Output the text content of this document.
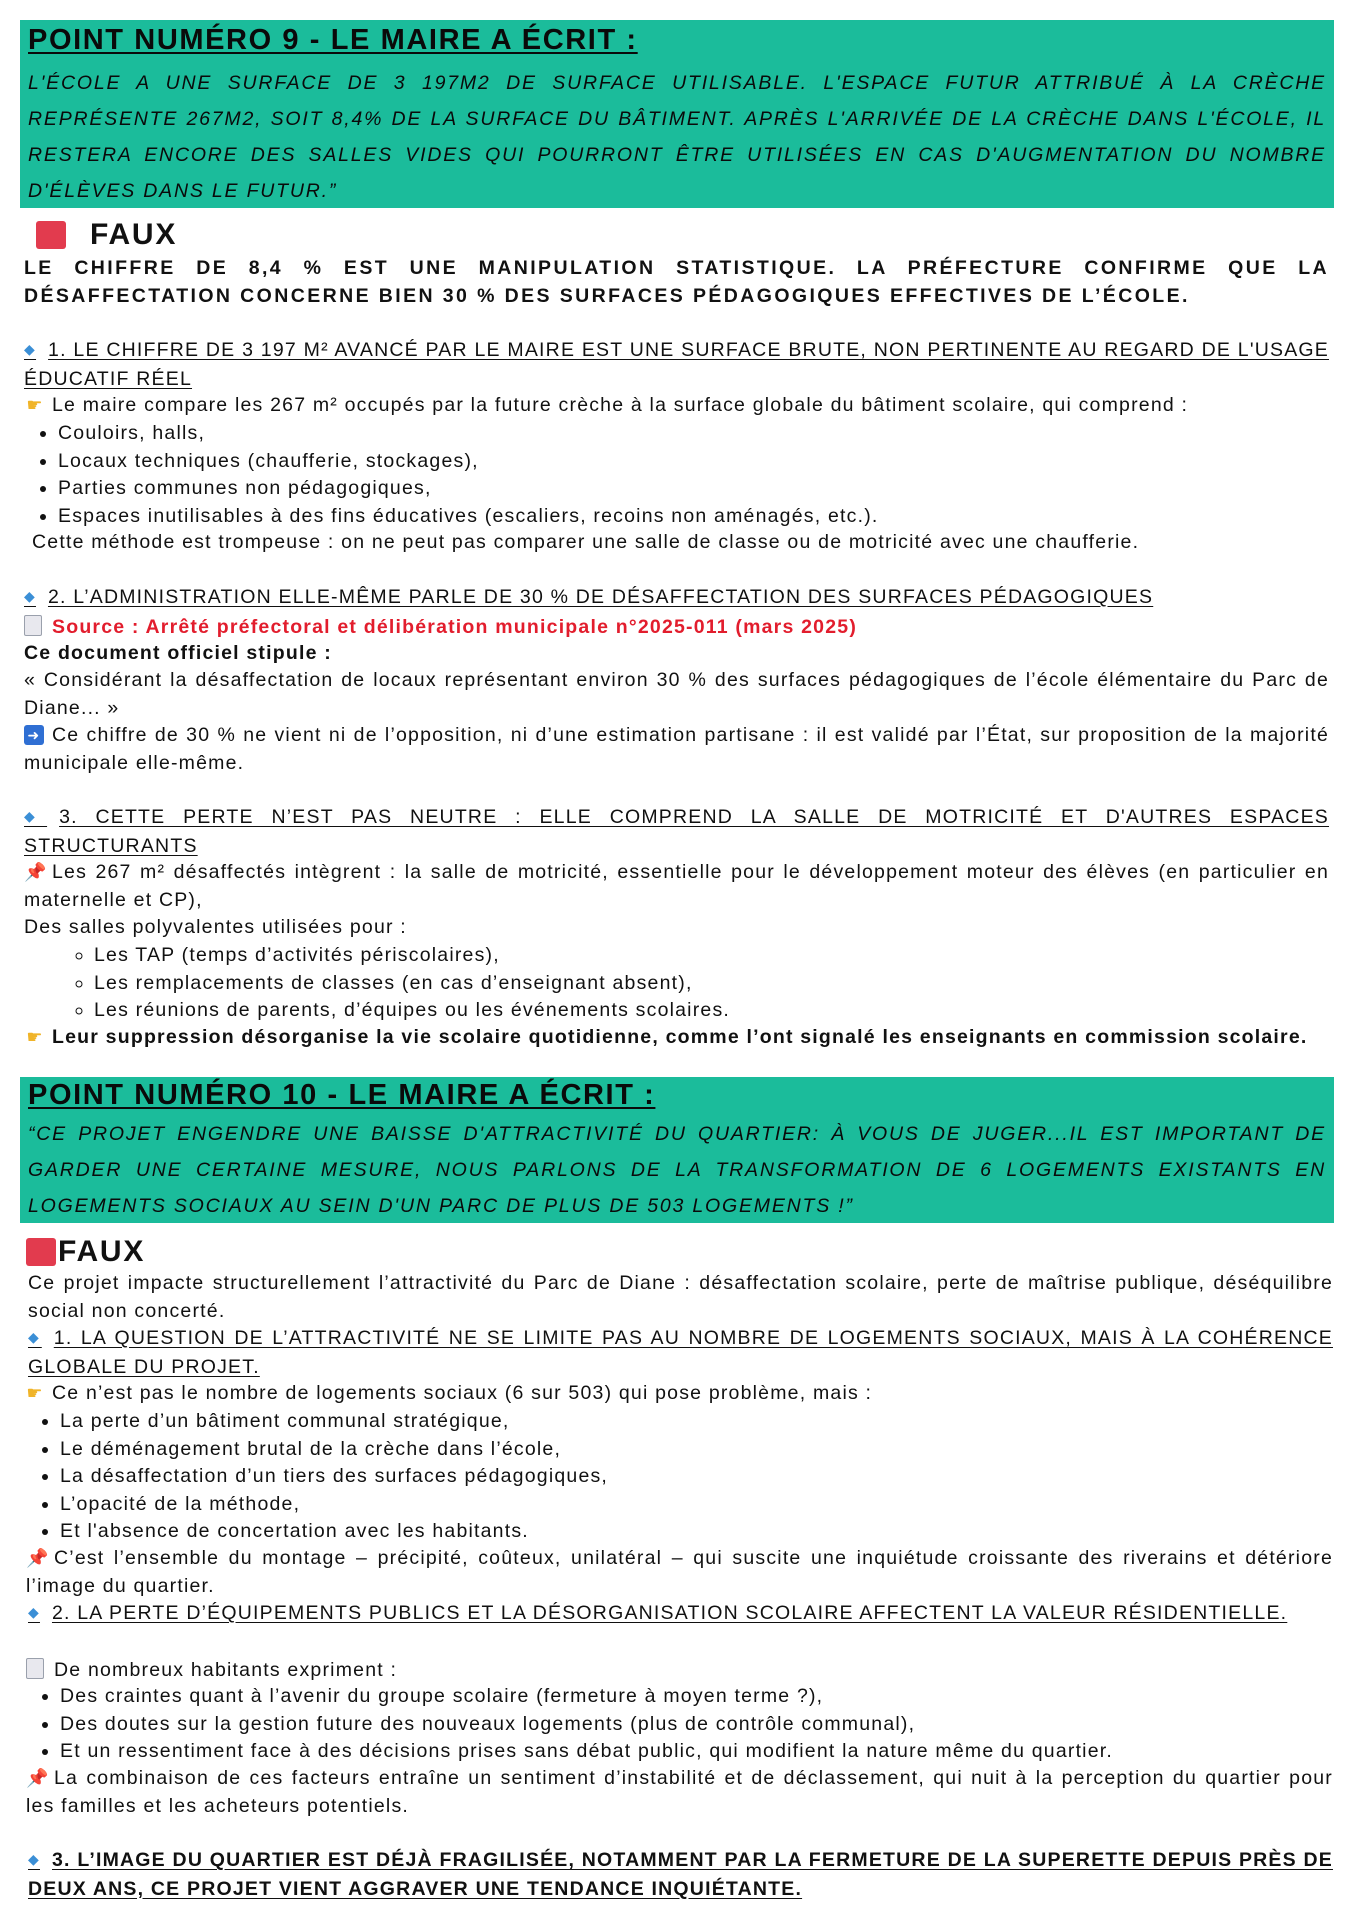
POINT NUMÉRO 9 - LE MAIRE A ÉCRIT :
L'ÉCOLE A UNE SURFACE DE 3 197M2 DE SURFACE UTILISABLE. L'ESPACE FUTUR ATTRIBUÉ À LA CRÈCHE REPRÉSENTE 267M2, SOIT 8,4% DE LA SURFACE DU BÂTIMENT. APRÈS L'ARRIVÉE DE LA CRÈCHE DANS L'ÉCOLE, IL RESTERA ENCORE DES SALLES VIDES QUI POURRONT ÊTRE UTILISÉES EN CAS D'AUGMENTATION DU NOMBRE D'ÉLÈVES DANS LE FUTUR.”
FAUX
LE CHIFFRE DE 8,4 % EST UNE MANIPULATION STATISTIQUE. LA PRÉFECTURE CONFIRME QUE LA DÉSAFFECTATION CONCERNE BIEN 30 % DES SURFACES PÉDAGOGIQUES EFFECTIVES DE L’ÉCOLE.
◆ 1. LE CHIFFRE DE 3 197 M² AVANCÉ PAR LE MAIRE EST UNE SURFACE BRUTE, NON PERTINENTE AU REGARD DE L'USAGE ÉDUCATIF RÉEL
☛ Le maire compare les 267 m² occupés par la future crèche à la surface globale du bâtiment scolaire, qui comprend :
• Couloirs, halls,
• Locaux techniques (chaufferie, stockages),
• Parties communes non pédagogiques,
• Espaces inutilisables à des fins éducatives (escaliers, recoins non aménagés, etc.).
Cette méthode est trompeuse : on ne peut pas comparer une salle de classe ou de motricité avec une chaufferie.
◆ 2. L’ADMINISTRATION ELLE-MÊME PARLE DE 30 % DE DÉSAFFECTATION DES SURFACES PÉDAGOGIQUES
Source : Arrêté préfectoral et délibération municipale n°2025-011 (mars 2025)
Ce document officiel stipule :
« Considérant la désaffectation de locaux représentant environ 30 % des surfaces pédagogiques de l’école élémentaire du Parc de Diane... »
➜ Ce chiffre de 30 % ne vient ni de l’opposition, ni d’une estimation partisane : il est validé par l’État, sur proposition de la majorité municipale elle-même.
◆ 3. CETTE PERTE N’EST PAS NEUTRE : ELLE COMPREND LA SALLE DE MOTRICITÉ ET D'AUTRES ESPACES STRUCTURANTS
📌 Les 267 m² désaffectés intègrent : la salle de motricité, essentielle pour le développement moteur des élèves (en particulier en maternelle et CP),
Des salles polyvalentes utilisées pour :
◦ Les TAP (temps d’activités périscolaires),
◦ Les remplacements de classes (en cas d’enseignant absent),
◦ Les réunions de parents, d’équipes ou les événements scolaires.
☛ Leur suppression désorganise la vie scolaire quotidienne, comme l’ont signalé les enseignants en commission scolaire.
POINT NUMÉRO 10 - LE MAIRE A ÉCRIT :
“CE PROJET ENGENDRE UNE BAISSE D'ATTRACTIVITÉ DU QUARTIER: À VOUS DE JUGER...IL EST IMPORTANT DE GARDER UNE CERTAINE MESURE, NOUS PARLONS DE LA TRANSFORMATION DE 6 LOGEMENTS EXISTANTS EN LOGEMENTS SOCIAUX AU SEIN D'UN PARC DE PLUS DE 503 LOGEMENTS !”
FAUX
Ce projet impacte structurellement l’attractivité du Parc de Diane : désaffectation scolaire, perte de maîtrise publique, déséquilibre social non concerté.
◆ 1. LA QUESTION DE L’ATTRACTIVITÉ NE SE LIMITE PAS AU NOMBRE DE LOGEMENTS SOCIAUX, MAIS À LA COHÉRENCE GLOBALE DU PROJET.
☛ Ce n’est pas le nombre de logements sociaux (6 sur 503) qui pose problème, mais :
• La perte d’un bâtiment communal stratégique,
• Le déménagement brutal de la crèche dans l’école,
• La désaffectation d’un tiers des surfaces pédagogiques,
• L’opacité de la méthode,
• Et l'absence de concertation avec les habitants.
📌 C’est l’ensemble du montage – précipité, coûteux, unilatéral – qui suscite une inquiétude croissante des riverains et détériore l’image du quartier.
◆ 2. LA PERTE D’ÉQUIPEMENTS PUBLICS ET LA DÉSORGANISATION SCOLAIRE AFFECTENT LA VALEUR RÉSIDENTIELLE.
De nombreux habitants expriment :
• Des craintes quant à l’avenir du groupe scolaire (fermeture à moyen terme ?),
• Des doutes sur la gestion future des nouveaux logements (plus de contrôle communal),
• Et un ressentiment face à des décisions prises sans débat public, qui modifient la nature même du quartier.
📌 La combinaison de ces facteurs entraîne un sentiment d’instabilité et de déclassement, qui nuit à la perception du quartier pour les familles et les acheteurs potentiels.
◆ 3. L’IMAGE DU QUARTIER EST DÉJÀ FRAGILISÉE, NOTAMMENT PAR LA FERMETURE DE LA SUPERETTE DEPUIS PRÈS DE DEUX ANS, CE PROJET VIENT AGGRAVER UNE TENDANCE INQUIÉTANTE.
